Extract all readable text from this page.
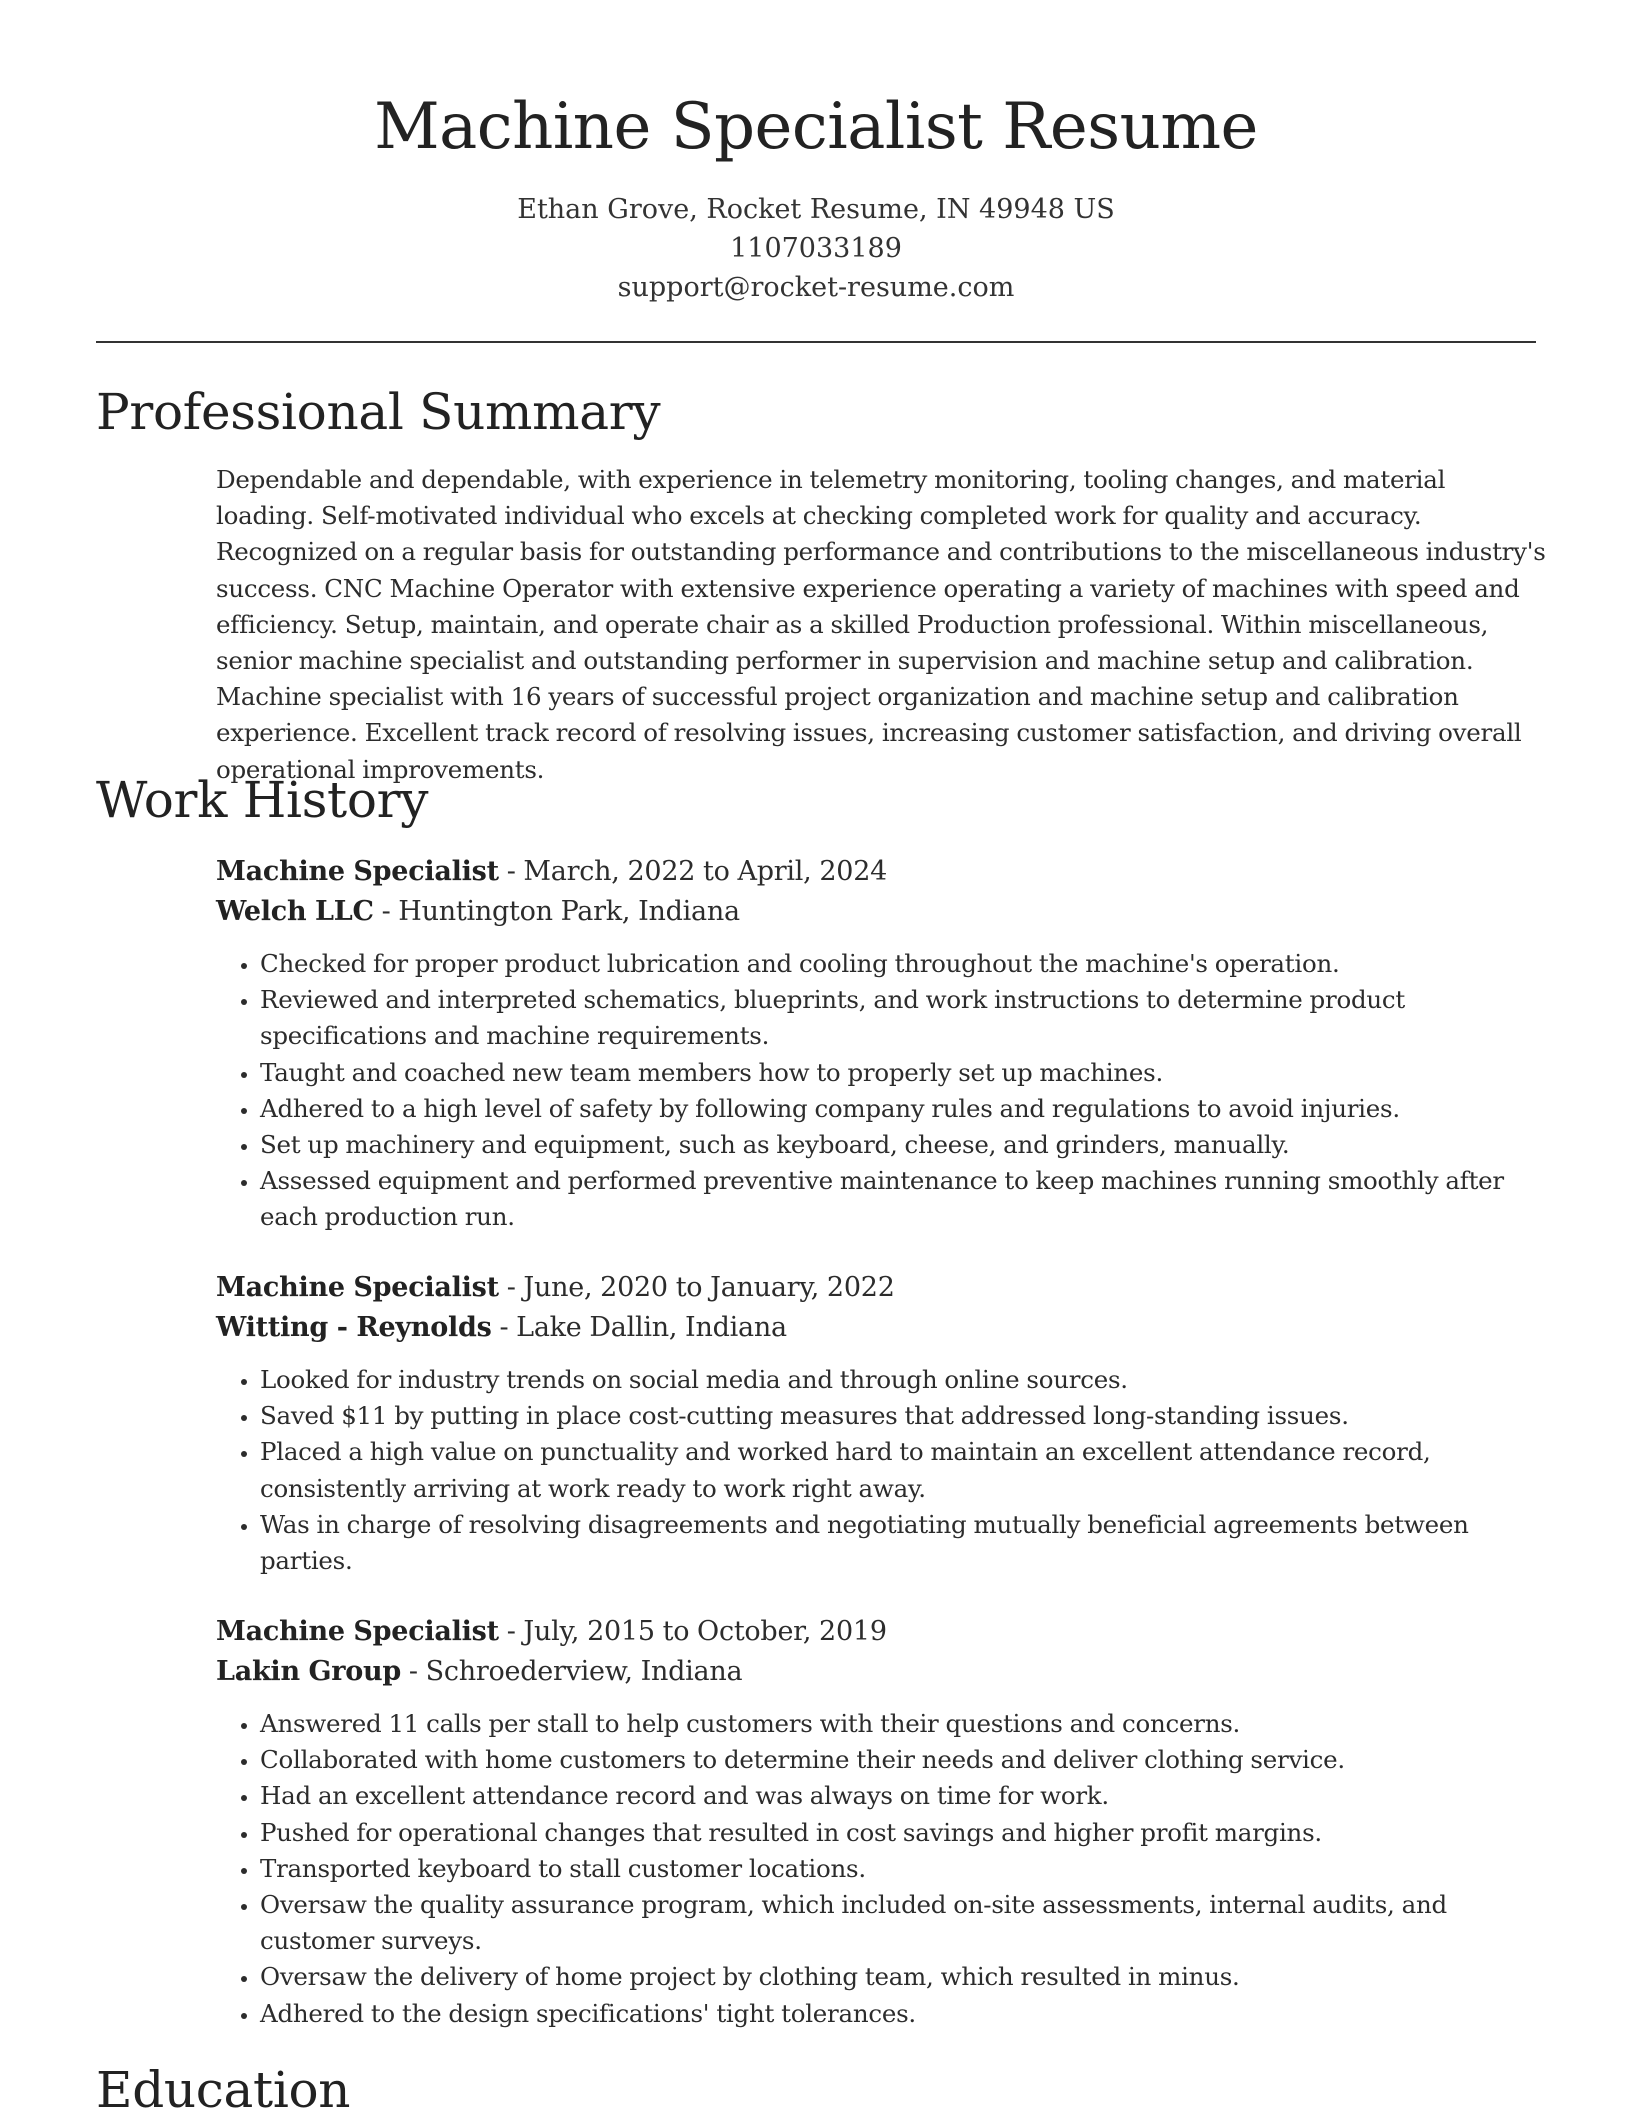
Machine Specialist Resume
Ethan Grove, Rocket Resume, IN 49948 US
1107033189
support@rocket-resume.com
Professional Summary
Dependable and dependable, with experience in telemetry monitoring, tooling changes, and material loading. Self-motivated individual who excels at checking completed work for quality and accuracy. Recognized on a regular basis for outstanding performance and contributions to the miscellaneous industry's success. CNC Machine Operator with extensive experience operating a variety of machines with speed and efficiency. Setup, maintain, and operate chair as a skilled Production professional. Within miscellaneous, senior machine specialist and outstanding performer in supervision and machine setup and calibration. Machine specialist with 16 years of successful project organization and machine setup and calibration experience. Excellent track record of resolving issues, increasing customer satisfaction, and driving overall operational improvements.
Work History
Machine Specialist - March, 2022 to April, 2024
Welch LLC - Huntington Park, Indiana
• Checked for proper product lubrication and cooling throughout the machine's operation.
• Reviewed and interpreted schematics, blueprints, and work instructions to determine product specifications and machine requirements.
• Taught and coached new team members how to properly set up machines.
• Adhered to a high level of safety by following company rules and regulations to avoid injuries.
• Set up machinery and equipment, such as keyboard, cheese, and grinders, manually.
• Assessed equipment and performed preventive maintenance to keep machines running smoothly after each production run.
Machine Specialist - June, 2020 to January, 2022
Witting - Reynolds - Lake Dallin, Indiana
• Looked for industry trends on social media and through online sources.
• Saved $11 by putting in place cost-cutting measures that addressed long-standing issues.
• Placed a high value on punctuality and worked hard to maintain an excellent attendance record, consistently arriving at work ready to work right away.
• Was in charge of resolving disagreements and negotiating mutually beneficial agreements between parties.
Machine Specialist - July, 2015 to October, 2019
Lakin Group - Schroederview, Indiana
• Answered 11 calls per stall to help customers with their questions and concerns.
• Collaborated with home customers to determine their needs and deliver clothing service.
• Had an excellent attendance record and was always on time for work.
• Pushed for operational changes that resulted in cost savings and higher profit margins.
• Transported keyboard to stall customer locations.
• Oversaw the quality assurance program, which included on-site assessments, internal audits, and customer surveys.
• Oversaw the delivery of home project by clothing team, which resulted in minus.
• Adhered to the design specifications' tight tolerances.
Education
